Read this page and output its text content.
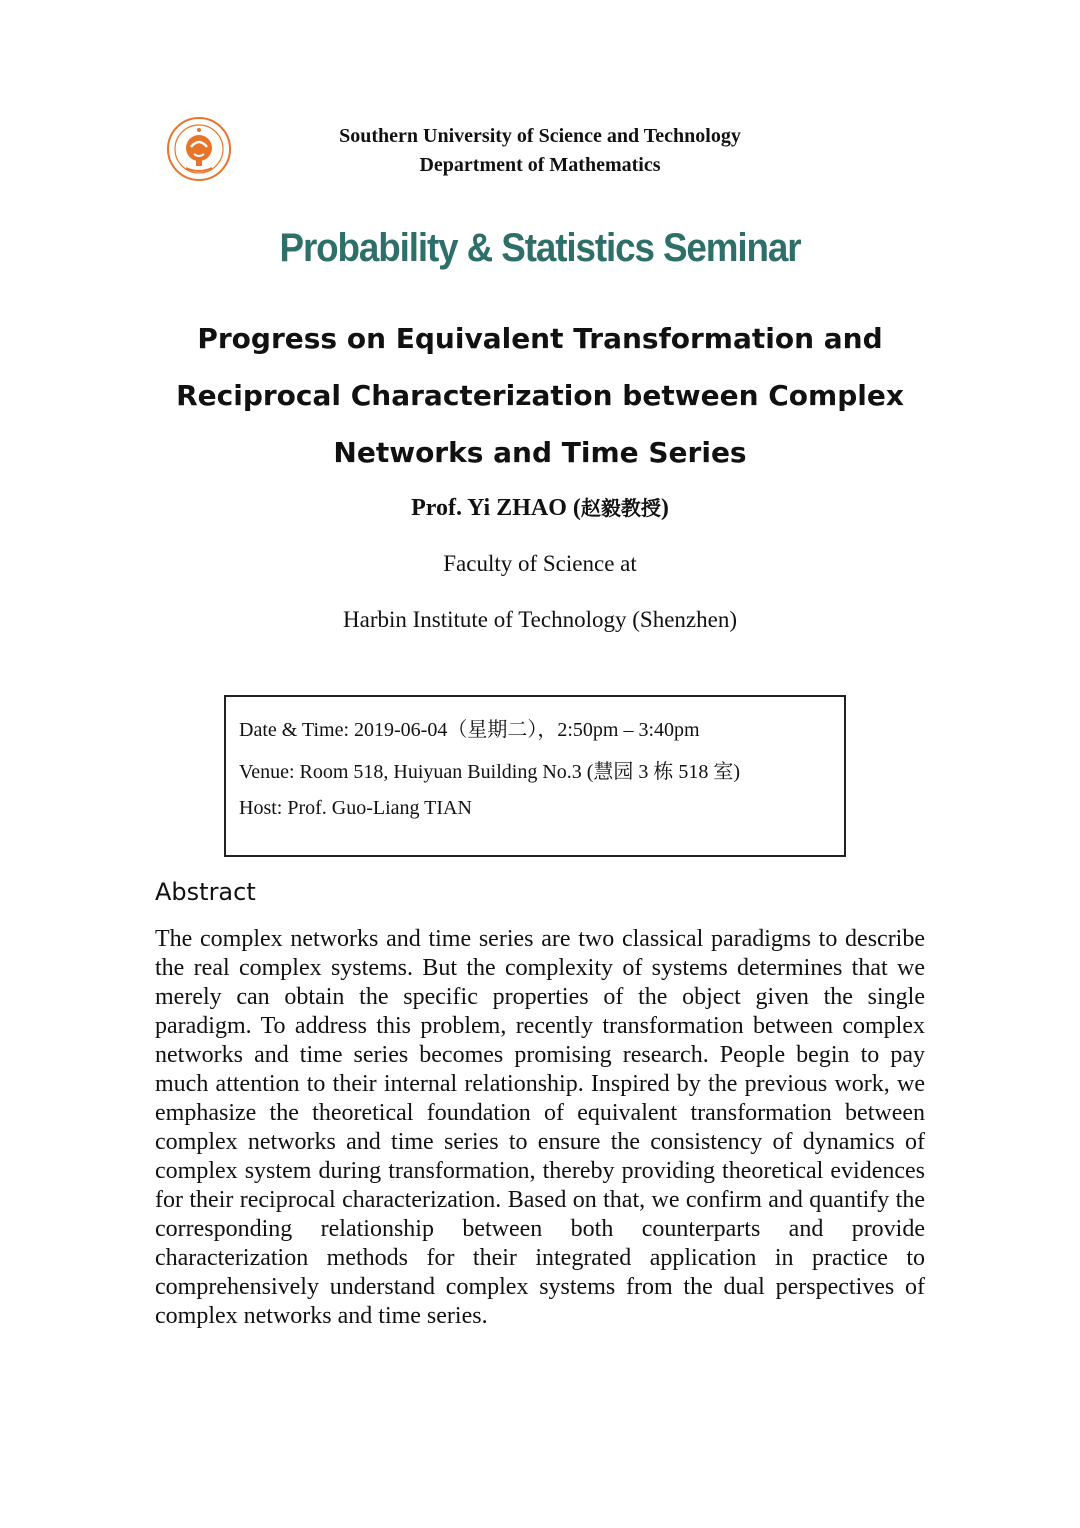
Southern University of Science and Technology
Department of Mathematics
Probability & Statistics Seminar
Progress on Equivalent Transformation and
Reciprocal Characterization between Complex
Networks and Time Series
Prof. Yi ZHAO (赵毅教授)
Faculty of Science at
Harbin Institute of Technology (Shenzhen)
Date & Time: 2019-06-04（星期二），2:50pm – 3:40pm
Venue: Room 518, Huiyuan Building No.3 (慧园 3 栋 518 室)
Host: Prof. Guo-Liang TIAN
Abstract
The complex networks and time series are two classical paradigms to describe the real complex systems. But the complexity of systems determines that we merely can obtain the specific properties of the object given the single paradigm. To address this problem, recently transformation between complex networks and time series becomes promising research. People begin to pay much attention to their internal relationship. Inspired by the previous work, we emphasize the theoretical foundation of equivalent transformation between complex networks and time series to ensure the consistency of dynamics of complex system during transformation, thereby providing theoretical evidences for their reciprocal characterization. Based on that, we confirm and quantify the corresponding relationship between both counterparts and provide characterization methods for their integrated application in practice to comprehensively understand complex systems from the dual perspectives of complex networks and time series.
